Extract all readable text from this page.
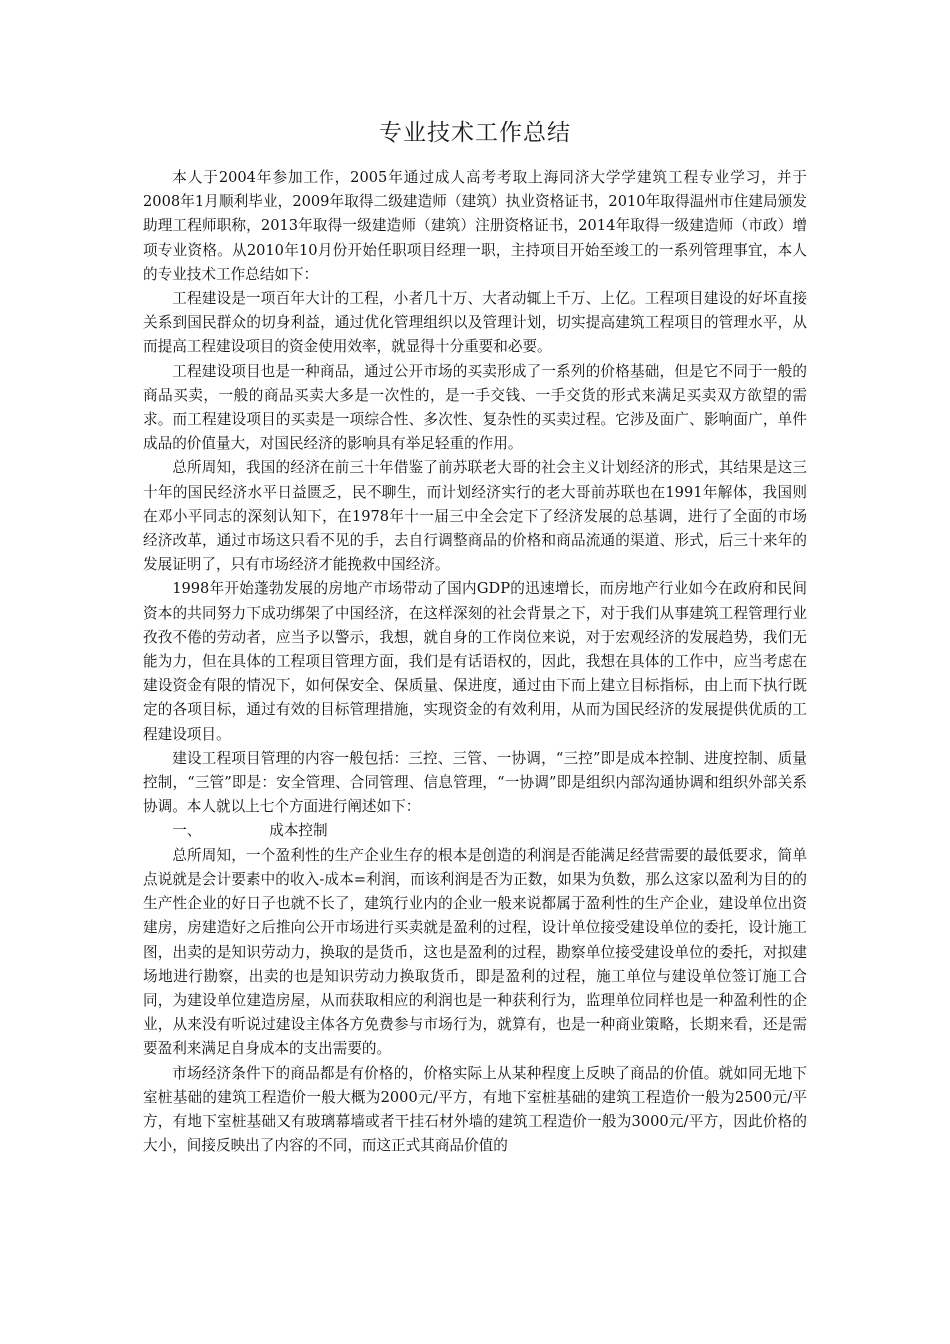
专业技术工作总结

本人于2004年参加工作，2005年通过成人高考考取上海同济大学学建筑工程专业学习，并于2008年1月顺利毕业，2009年取得二级建造师（建筑）执业资格证书，2010年取得温州市住建局颁发助理工程师职称，2013年取得一级建造师（建筑）注册资格证书，2014年取得一级建造师（市政）增项专业资格。从2010年10月份开始任职项目经理一职，主持项目开始至竣工的一系列管理事宜，本人的专业技术工作总结如下：

工程建设是一项百年大计的工程，小者几十万、大者动辄上千万、上亿。工程项目建设的好坏直接关系到国民群众的切身利益，通过优化管理组织以及管理计划，切实提高建筑工程项目的管理水平，从而提高工程建设项目的资金使用效率，就显得十分重要和必要。

工程建设项目也是一种商品，通过公开市场的买卖形成了一系列的价格基础，但是它不同于一般的商品买卖，一般的商品买卖大多是一次性的，是一手交钱、一手交货的形式来满足买卖双方欲望的需求。而工程建设项目的买卖是一项综合性、多次性、复杂性的买卖过程。它涉及面广、影响面广，单件成品的价值量大，对国民经济的影响具有举足轻重的作用。

总所周知，我国的经济在前三十年借鉴了前苏联老大哥的社会主义计划经济的形式，其结果是这三十年的国民经济水平日益匮乏，民不聊生，而计划经济实行的老大哥前苏联也在1991年解体，我国则在邓小平同志的深刻认知下，在1978年十一届三中全会定下了经济发展的总基调，进行了全面的市场经济改革，通过市场这只看不见的手，去自行调整商品的价格和商品流通的渠道、形式，后三十来年的发展证明了，只有市场经济才能挽救中国经济。

1998年开始蓬勃发展的房地产市场带动了国内GDP的迅速增长，而房地产行业如今在政府和民间资本的共同努力下成功绑架了中国经济，在这样深刻的社会背景之下，对于我们从事建筑工程管理行业孜孜不倦的劳动者，应当予以警示，我想，就自身的工作岗位来说，对于宏观经济的发展趋势，我们无能为力，但在具体的工程项目管理方面，我们是有话语权的，因此，我想在具体的工作中，应当考虑在建设资金有限的情况下，如何保安全、保质量、保进度，通过由下而上建立目标指标，由上而下执行既定的各项目标，通过有效的目标管理措施，实现资金的有效利用，从而为国民经济的发展提供优质的工程建设项目。

建设工程项目管理的内容一般包括：三控、三管、一协调，“三控”即是成本控制、进度控制、质量控制，“三管”即是：安全管理、合同管理、信息管理，“一协调”即是组织内部沟通协调和组织外部关系协调。本人就以上七个方面进行阐述如下：

一、	成本控制

总所周知，一个盈利性的生产企业生存的根本是创造的利润是否能满足经营需要的最低要求，简单点说就是会计要素中的收入-成本=利润，而该利润是否为正数，如果为负数，那么这家以盈利为目的的生产性企业的好日子也就不长了，建筑行业内的企业一般来说都属于盈利性的生产企业，建设单位出资建房，房建造好之后推向公开市场进行买卖就是盈利的过程，设计单位接受建设单位的委托，设计施工图，出卖的是知识劳动力，换取的是货币，这也是盈利的过程，勘察单位接受建设单位的委托，对拟建场地进行勘察，出卖的也是知识劳动力换取货币，即是盈利的过程，施工单位与建设单位签订施工合同，为建设单位建造房屋，从而获取相应的利润也是一种获利行为，监理单位同样也是一种盈利性的企业，从来没有听说过建设主体各方免费参与市场行为，就算有，也是一种商业策略，长期来看，还是需要盈利来满足自身成本的支出需要的。

市场经济条件下的商品都是有价格的，价格实际上从某种程度上反映了商品的价值。就如同无地下室桩基础的建筑工程造价一般大概为2000元/平方，有地下室桩基础的建筑工程造价一般为2500元/平方，有地下室桩基础又有玻璃幕墙或者干挂石材外墙的建筑工程造价一般为3000元/平方，因此价格的大小，间接反映出了内容的不同，而这正式其商品价值的
